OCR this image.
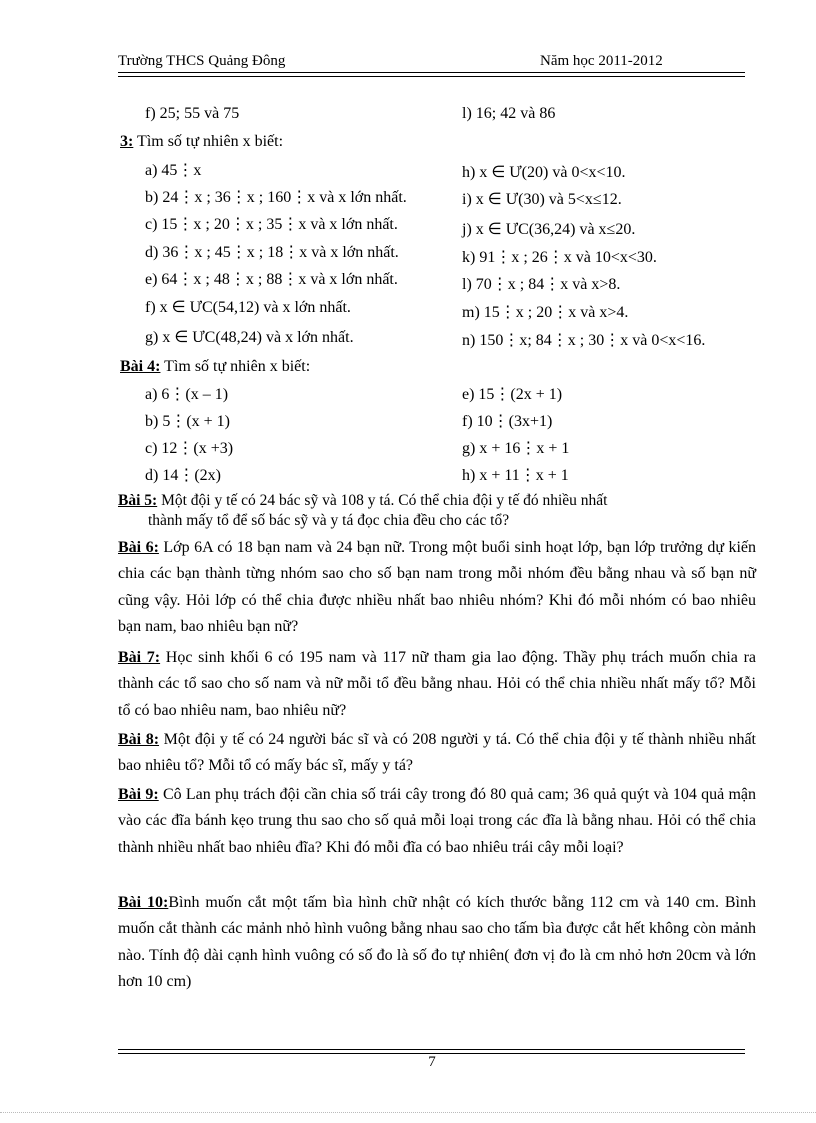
Trường THCS Quảng Đông	Năm học 2011-2012
f) 25; 55 và 75	l) 16; 42 và 86
3: Tìm số tự nhiên x biết:
a) 45⋮x
b) 24⋮x ; 36⋮x ; 160⋮x và x lớn nhất.
c) 15⋮x ; 20⋮x ; 35⋮x và x lớn nhất.
d) 36⋮x ; 45⋮x ; 18⋮x và x lớn nhất.
e) 64⋮x ; 48⋮x ; 88⋮x và x lớn nhất.
f) x ∈ ƯC(54,12) và x lớn nhất.
g) x ∈ ƯC(48,24) và x lớn nhất.
h) x ∈ Ư(20) và 0<x<10.
i) x ∈ Ư(30) và 5<x≤12.
j) x ∈ ƯC(36,24) và x≤20.
k) 91⋮x ; 26⋮x và 10<x<30.
l) 70⋮x ; 84⋮x và x>8.
m) 15⋮x ; 20⋮x và x>4.
n) 150⋮x; 84⋮x ; 30⋮x và 0<x<16.
Bài 4: Tìm số tự nhiên x biết:
a) 6⋮(x – 1)
b) 5⋮(x + 1)
c) 12⋮(x +3)
d) 14⋮(2x)
e) 15⋮(2x + 1)
f) 10⋮(3x+1)
g) x + 16⋮x + 1
h) x + 11⋮x + 1
Bài 5: Một đội y tế có 24 bác sỹ và 108 y tá. Có thể chia đội y tế đó nhiều nhất
thành mấy tổ để số bác sỹ và y tá đọc chia đều cho các tổ?
Bài 6: Lớp 6A có 18 bạn nam và 24 bạn nữ. Trong một buổi sinh hoạt lớp, bạn lớp trưởng dự kiến chia các bạn thành từng nhóm sao cho số bạn nam trong mỗi nhóm đều bằng nhau và số bạn nữ cũng vậy. Hỏi lớp có thể chia được nhiều nhất bao nhiêu nhóm? Khi đó mỗi nhóm có bao nhiêu bạn nam, bao nhiêu bạn nữ?
Bài 7: Học sinh khối 6 có 195 nam và 117 nữ tham gia lao động. Thầy phụ trách muốn chia ra thành các tổ sao cho số nam và nữ mỗi tổ đều bằng nhau. Hỏi có thể chia nhiều nhất mấy tổ? Mỗi tổ có bao nhiêu nam, bao nhiêu nữ?
Bài 8: Một đội y tế có 24 người bác sĩ và có 208 người y tá. Có thể chia đội y tế thành nhiều nhất bao nhiêu tổ? Mỗi tổ có mấy bác sĩ, mấy y tá?
Bài 9: Cô Lan phụ trách đội cần chia số trái cây trong đó 80 quả cam; 36 quả quýt và 104 quả mận vào các đĩa bánh kẹo trung thu sao cho số quả mỗi loại trong các đĩa là bằng nhau. Hỏi có thể chia thành nhiều nhất bao nhiêu đĩa? Khi đó mỗi đĩa có bao nhiêu trái cây mỗi loại?
Bài 10:Bình muốn cắt một tấm bìa hình chữ nhật có kích thước bằng 112 cm và 140 cm. Bình muốn cắt thành các mảnh nhỏ hình vuông bằng nhau sao cho tấm bìa được cắt hết không còn mảnh nào. Tính độ dài cạnh hình vuông có số đo là số đo tự nhiên( đơn vị đo là cm nhỏ hơn 20cm và lớn hơn 10 cm)
7
